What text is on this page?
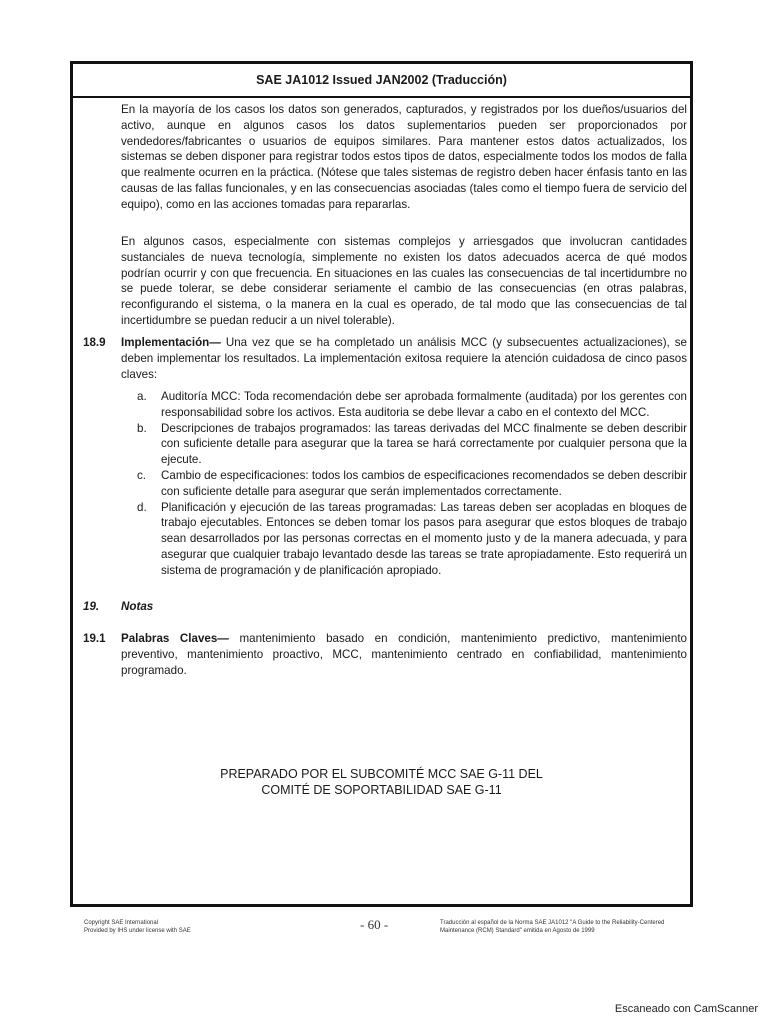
SAE JA1012 Issued JAN2002 (Traducción)

En la mayoría de los casos los datos son generados, capturados, y registrados por los dueños/usuarios del activo, aunque en algunos casos los datos suplementarios pueden ser proporcionados por vendedores/fabricantes o usuarios de equipos similares. Para mantener estos datos actualizados, los sistemas se deben disponer para registrar todos estos tipos de datos, especialmente todos los modos de falla que realmente ocurren en la práctica. (Nótese que tales sistemas de registro deben hacer énfasis tanto en las causas de las fallas funcionales, y en las consecuencias asociadas (tales como el tiempo fuera de servicio del equipo), como en las acciones tomadas para repararlas.

En algunos casos, especialmente con sistemas complejos y arriesgados que involucran cantidades sustanciales de nueva tecnología, simplemente no existen los datos adecuados acerca de qué modos podrían ocurrir y con que frecuencia. En situaciones en las cuales las consecuencias de tal incertidumbre no se puede tolerar, se debe considerar seriamente el cambio de las consecuencias (en otras palabras, reconfigurando el sistema, o la manera en la cual es operado, de tal modo que las consecuencias de tal incertidumbre se puedan reducir a un nivel tolerable).

18.9 Implementación— Una vez que se ha completado un análisis MCC (y subsecuentes actualizaciones), se deben implementar los resultados. La implementación exitosa requiere la atención cuidadosa de cinco pasos claves:
a. Auditoría MCC: Toda recomendación debe ser aprobada formalmente (auditada) por los gerentes con responsabilidad sobre los activos. Esta auditoria se debe llevar a cabo en el contexto del MCC.
b. Descripciones de trabajos programados: las tareas derivadas del MCC finalmente se deben describir con suficiente detalle para asegurar que la tarea se hará correctamente por cualquier persona que la ejecute.
c. Cambio de especificaciones: todos los cambios de especificaciones recomendados se deben describir con suficiente detalle para asegurar que serán implementados correctamente.
d. Planificación y ejecución de las tareas programadas: Las tareas deben ser acopladas en bloques de trabajo ejecutables. Entonces se deben tomar los pasos para asegurar que estos bloques de trabajo sean desarrollados por las personas correctas en el momento justo y de la manera adecuada, y para asegurar que cualquier trabajo levantado desde las tareas se trate apropiadamente. Esto requerirá un sistema de programación y de planificación apropiado.
19. Notas
19.1 Palabras Claves— mantenimiento basado en condición, mantenimiento predictivo, mantenimiento preventivo, mantenimiento proactivo, MCC, mantenimiento centrado en confiabilidad, mantenimiento programado.
PREPARADO POR EL SUBCOMITÉ MCC SAE G-11 DEL
COMITÉ DE SOPORTABILIDAD SAE G-11
Copyright SAE International
Provided by IHS under license with SAE	- 60 -	Traducción al español de la Norma SAE JA1012 "A Guide to the Reliability-Centered
Maintenance (RCM) Standard" emitida en Agosto de 1999
Escaneado con CamScanner
